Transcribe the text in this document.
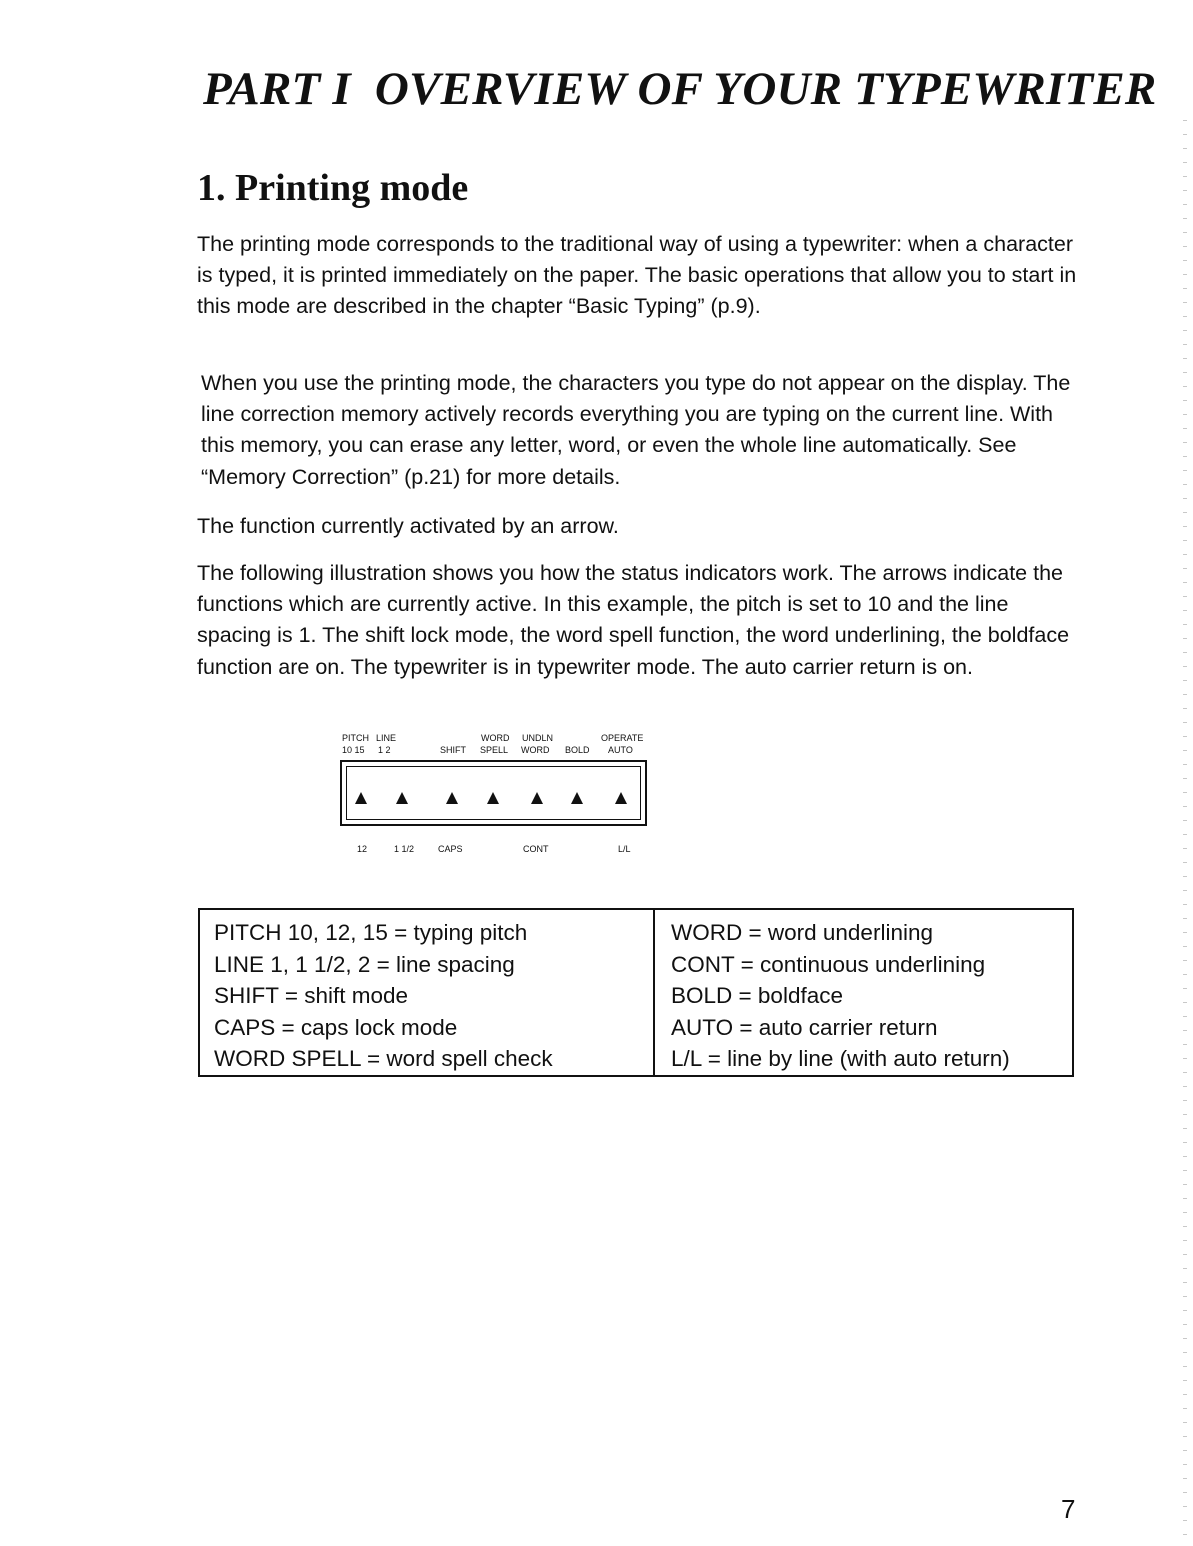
PART I OVERVIEW OF YOUR TYPEWRITER
1. Printing mode

The printing mode corresponds to the traditional way of using a typewriter: when a character is typed, it is printed immediately on the paper. The basic operations that allow you to start in this mode are described in the chapter “Basic Typing” (p.9).

When you use the printing mode, the characters you type do not appear on the display. The line correction memory actively records everything you are typing on the current line. With this memory, you can erase any letter, word, or even the whole line automatically. See “Memory Correction” (p.21) for more details.

The function currently activated by an arrow.

The following illustration shows you how the status indicators work. The arrows indicate the functions which are currently active. In this example, the pitch is set to 10 and the line spacing is 1. The shift lock mode, the word spell function, the word underlining, the boldface function are on. The typewriter is in typewriter mode. The auto carrier return is on.

PITCH LINE	WORD UNDLN	OPERATE
10 15 1 2	SHIFT SPELL WORD BOLD AUTO
12	1 1/2	CAPS	CONT	L/L
PITCH 10, 12, 15 = typing pitch
LINE 1, 1 1/2, 2 = line spacing
SHIFT = shift mode
CAPS = caps lock mode
WORD SPELL = word spell check
WORD = word underlining
CONT = continuous underlining
BOLD = boldface
AUTO = auto carrier return
L/L = line by line (with auto return)
7
